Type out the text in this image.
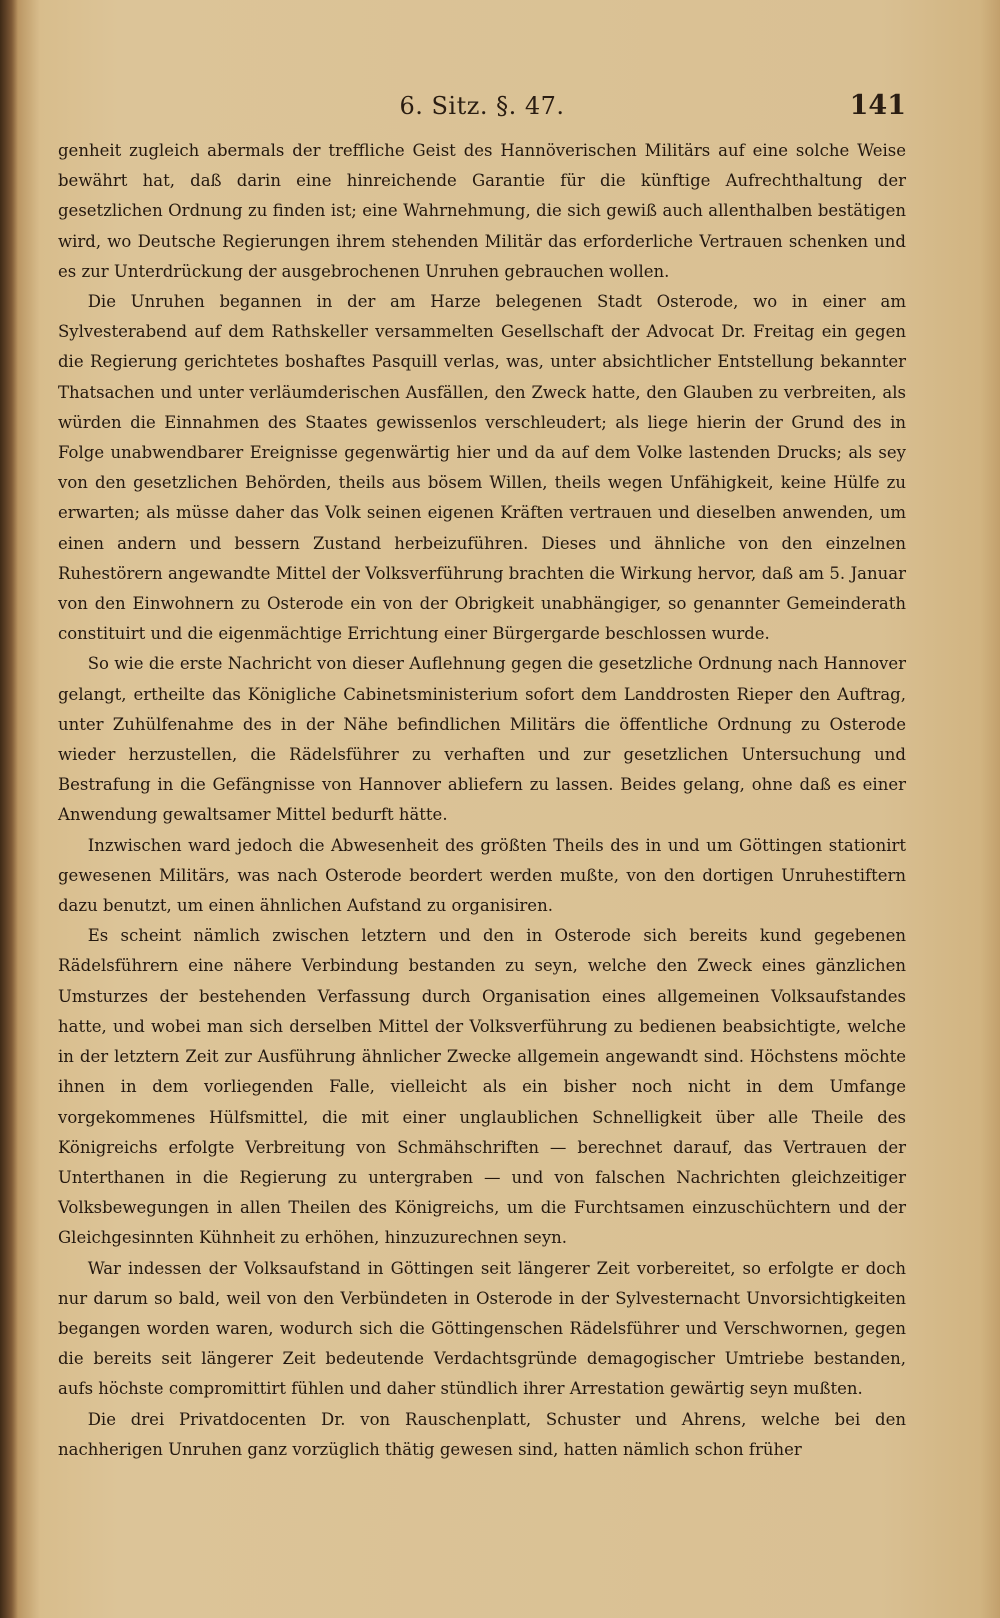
6. Sitz. §. 47.	141

genheit zugleich abermals der treffliche Geist des Hannöverischen Militärs auf eine solche Weise bewährt hat, daß darin eine hinreichende Garantie für die künftige Aufrechthaltung der gesetzlichen Ordnung zu finden ist; eine Wahrnehmung, die sich gewiß auch allenthalben bestätigen wird, wo Deutsche Regierungen ihrem stehenden Militär das erforderliche Vertrauen schenken und es zur Unterdrückung der ausgebrochenen Unruhen gebrauchen wollen.

Die Unruhen begannen in der am Harze belegenen Stadt Osterode, wo in einer am Sylvesterabend auf dem Rathskeller versammelten Gesellschaft der Advocat Dr. Freitag ein gegen die Regierung gerichtetes boshaftes Pasquill verlas, was, unter absichtlicher Entstellung bekannter Thatsachen und unter verläumderischen Ausfällen, den Zweck hatte, den Glauben zu verbreiten, als würden die Einnahmen des Staates gewissenlos verschleudert; als liege hierin der Grund des in Folge unabwendbarer Ereignisse gegenwärtig hier und da auf dem Volke lastenden Drucks; als sey von den gesetzlichen Behörden, theils aus bösem Willen, theils wegen Unfähigkeit, keine Hülfe zu erwarten; als müsse daher das Volk seinen eigenen Kräften vertrauen und dieselben anwenden, um einen andern und bessern Zustand herbeizuführen. Dieses und ähnliche von den einzelnen Ruhestörern angewandte Mittel der Volksverführung brachten die Wirkung hervor, daß am 5. Januar von den Einwohnern zu Osterode ein von der Obrigkeit unabhängiger, so genannter Gemeinderath constituirt und die eigenmächtige Errichtung einer Bürgergarde beschlossen wurde.

So wie die erste Nachricht von dieser Auflehnung gegen die gesetzliche Ordnung nach Hannover gelangt, ertheilte das Königliche Cabinetsministerium sofort dem Landdrosten Rieper den Auftrag, unter Zuhülfenahme des in der Nähe befindlichen Militärs die öffentliche Ordnung zu Osterode wieder herzustellen, die Rädelsführer zu verhaften und zur gesetzlichen Untersuchung und Bestrafung in die Gefängnisse von Hannover abliefern zu lassen. Beides gelang, ohne daß es einer Anwendung gewaltsamer Mittel bedurft hätte.

Inzwischen ward jedoch die Abwesenheit des größten Theils des in und um Göttingen stationirt gewesenen Militärs, was nach Osterode beordert werden mußte, von den dortigen Unruhestiftern dazu benutzt, um einen ähnlichen Aufstand zu organisiren.

Es scheint nämlich zwischen letztern und den in Osterode sich bereits kund gegebenen Rädelsführern eine nähere Verbindung bestanden zu seyn, welche den Zweck eines gänzlichen Umsturzes der bestehenden Verfassung durch Organisation eines allgemeinen Volksaufstandes hatte, und wobei man sich derselben Mittel der Volksverführung zu bedienen beabsichtigte, welche in der letztern Zeit zur Ausführung ähnlicher Zwecke allgemein angewandt sind. Höchstens möchte ihnen in dem vorliegenden Falle, vielleicht als ein bisher noch nicht in dem Umfange vorgekommenes Hülfsmittel, die mit einer unglaublichen Schnelligkeit über alle Theile des Königreichs erfolgte Verbreitung von Schmähschriften — berechnet darauf, das Vertrauen der Unterthanen in die Regierung zu untergraben — und von falschen Nachrichten gleichzeitiger Volksbewegungen in allen Theilen des Königreichs, um die Furchtsamen einzuschüchtern und der Gleichgesinnten Kühnheit zu erhöhen, hinzuzurechnen seyn.

War indessen der Volksaufstand in Göttingen seit längerer Zeit vorbereitet, so erfolgte er doch nur darum so bald, weil von den Verbündeten in Osterode in der Sylvesternacht Unvorsichtigkeiten begangen worden waren, wodurch sich die Göttingenschen Rädelsführer und Verschwornen, gegen die bereits seit längerer Zeit bedeutende Verdachtsgründe demagogischer Umtriebe bestanden, aufs höchste compromittirt fühlen und daher stündlich ihrer Arrestation gewärtig seyn mußten.

Die drei Privatdocenten Dr. von Rauschenplatt, Schuster und Ahrens, welche bei den nachherigen Unruhen ganz vorzüglich thätig gewesen sind, hatten nämlich schon früher
